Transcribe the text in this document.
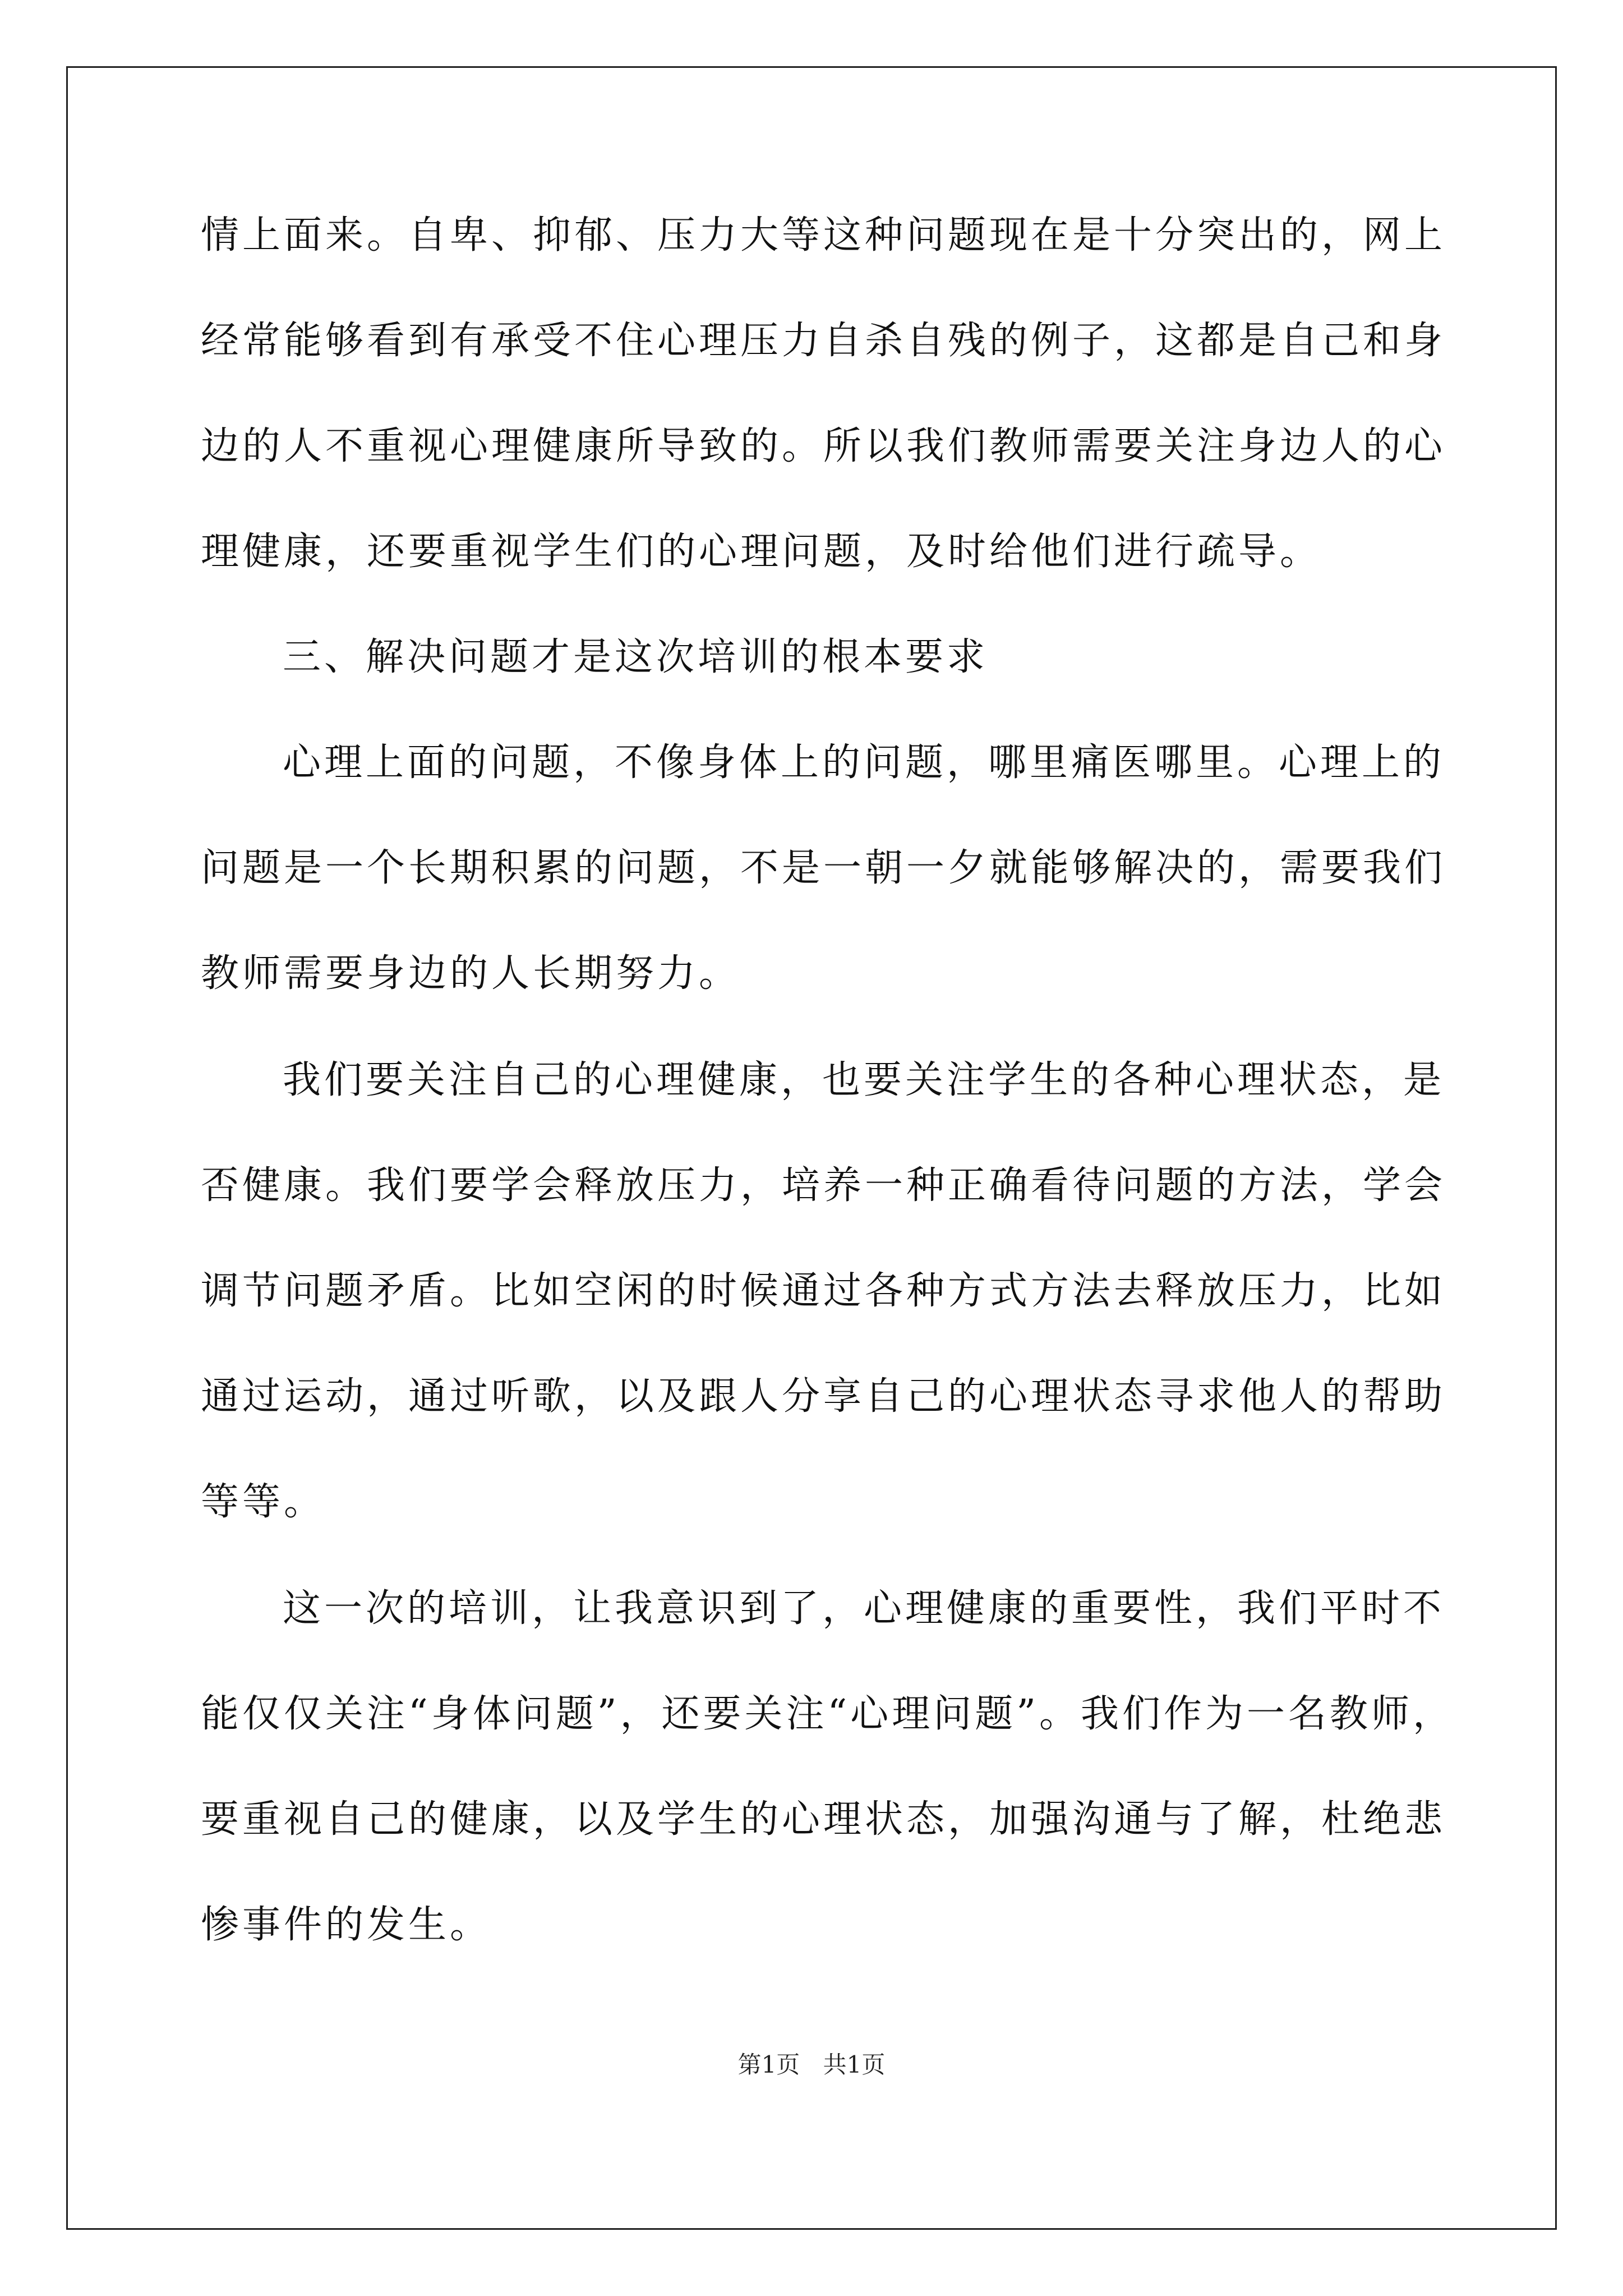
情上面来。自卑、抑郁、压力大等这种问题现在是十分突出的，网上
经常能够看到有承受不住心理压力自杀自残的例子，这都是自己和身
边的人不重视心理健康所导致的。所以我们教师需要关注身边人的心
理健康，还要重视学生们的心理问题，及时给他们进行疏导。
三、解决问题才是这次培训的根本要求
心理上面的问题，不像身体上的问题，哪里痛医哪里。心理上的
问题是一个长期积累的问题，不是一朝一夕就能够解决的，需要我们
教师需要身边的人长期努力。
我们要关注自己的心理健康，也要关注学生的各种心理状态，是
否健康。我们要学会释放压力，培养一种正确看待问题的方法，学会
调节问题矛盾。比如空闲的时候通过各种方式方法去释放压力，比如
通过运动，通过听歌，以及跟人分享自己的心理状态寻求他人的帮助
等等。
这一次的培训，让我意识到了，心理健康的重要性，我们平时不
能仅仅关注“身体问题”，还要关注“心理问题”。我们作为一名教师，
要重视自己的健康，以及学生的心理状态，加强沟通与了解，杜绝悲
惨事件的发生。
第1页 共1页
